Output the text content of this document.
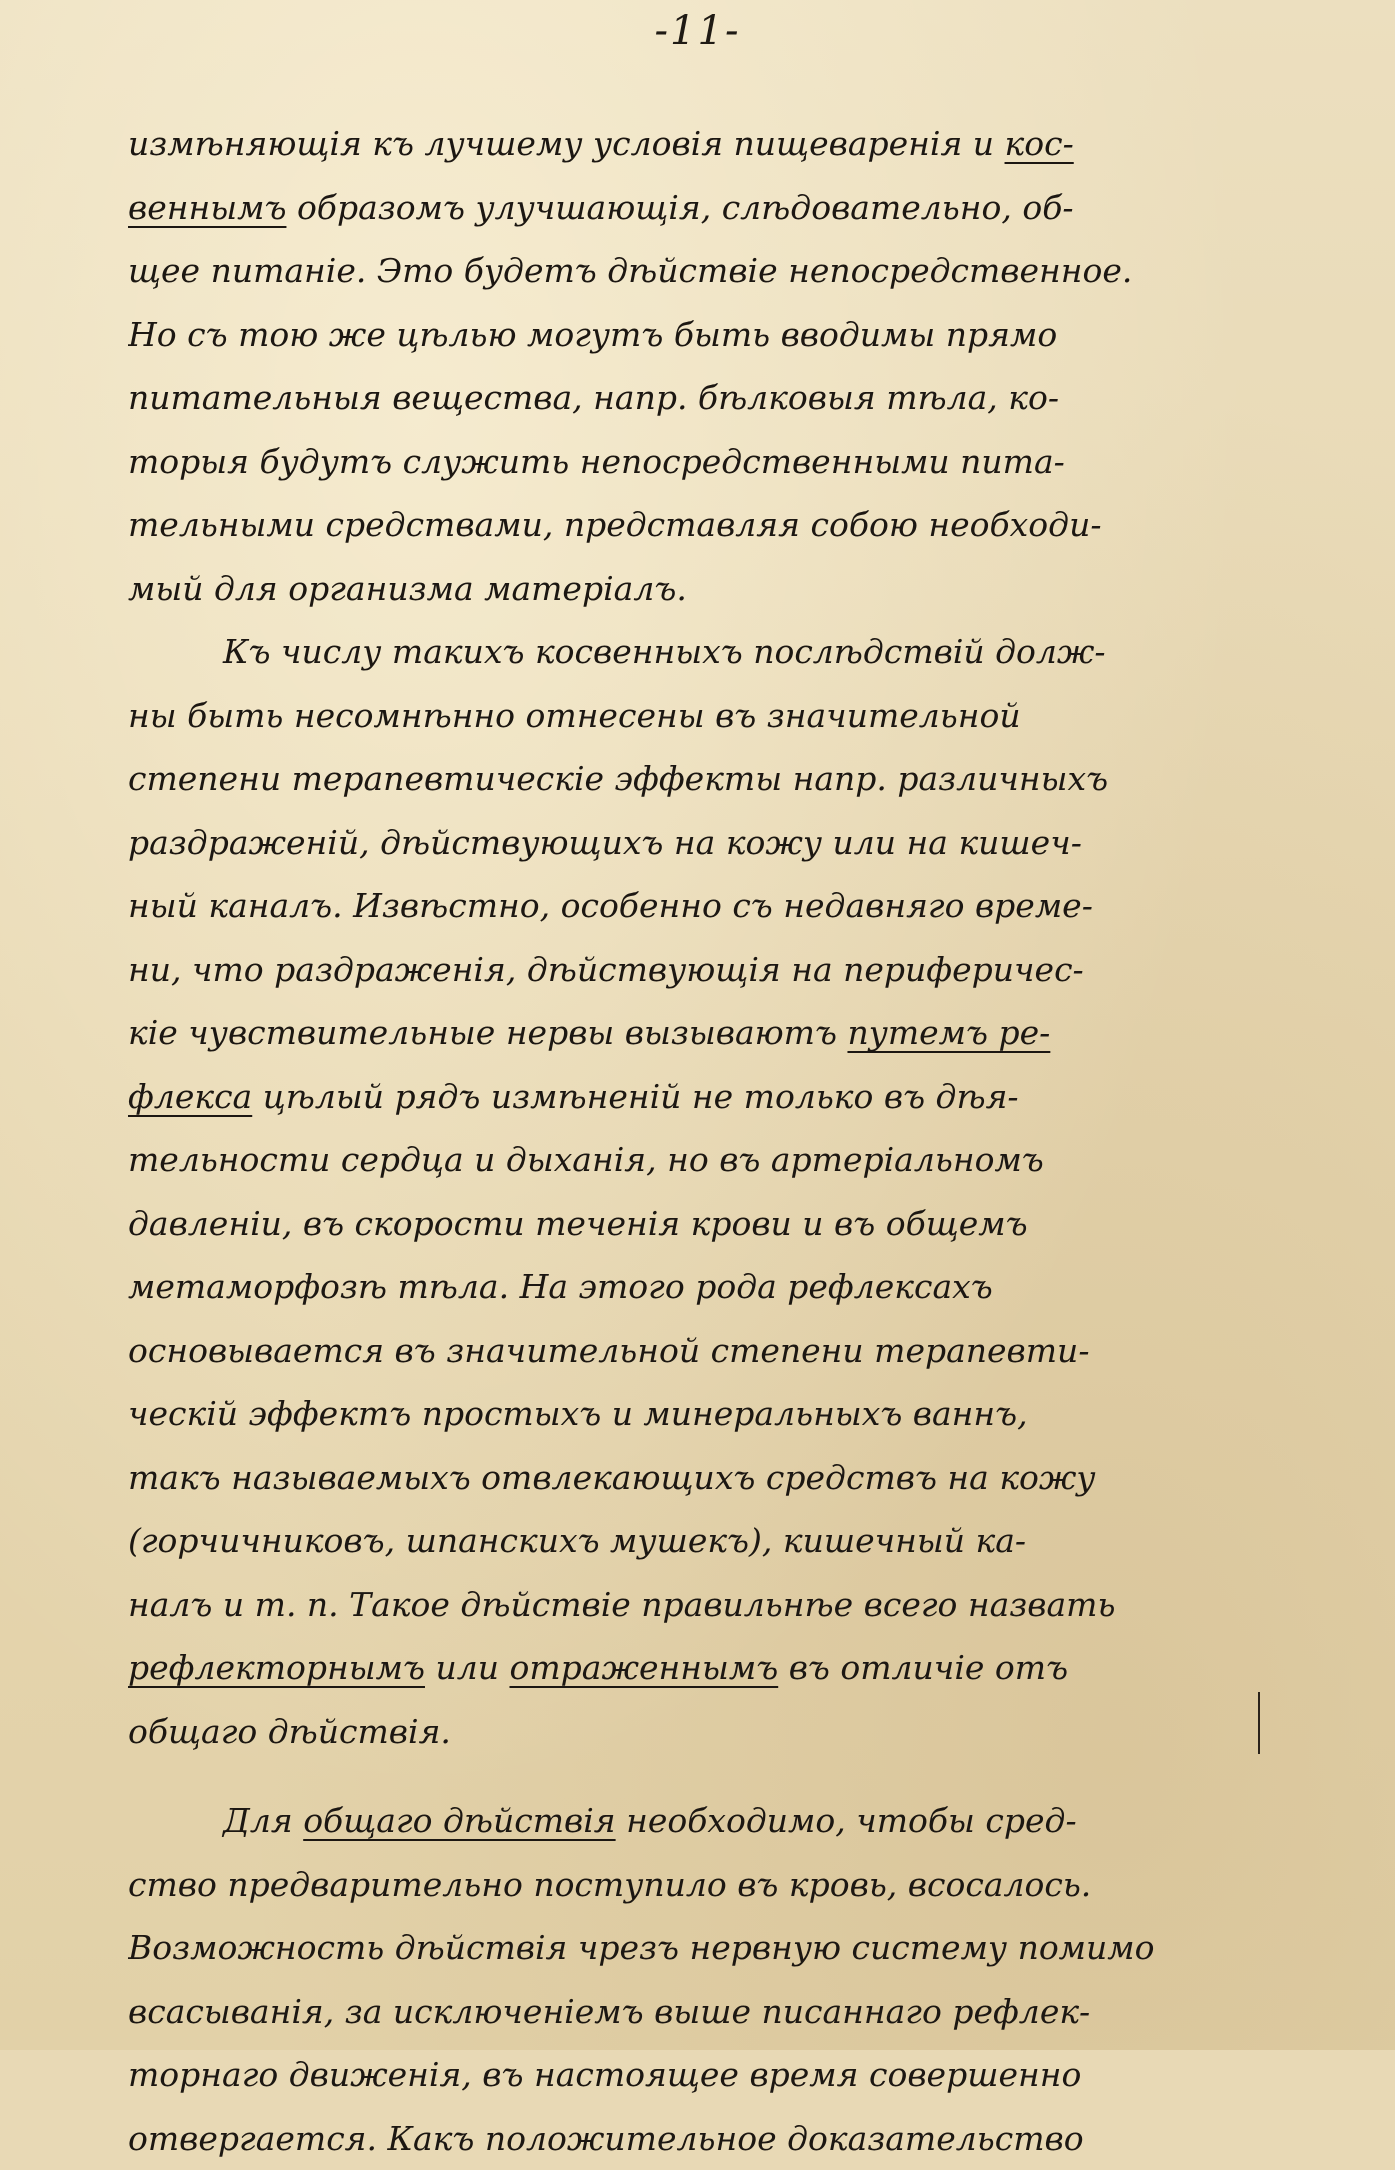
-11-
измѣняющія къ лучшему условія пищеваренія и кос-
веннымъ образомъ улучшающія, слѣдовательно, об-
щее питаніе. Это будетъ дѣйствіе непосредственное.
Но съ тою же цѣлью могутъ быть вводимы прямо
питательныя вещества, напр. бѣлковыя тѣла, ко-
торыя будутъ служить непосредственными пита-
тельными средствами, представляя собою необходи-
мый для организма матеріалъ.
Къ числу такихъ косвенныхъ послѣдствій долж-
ны быть несомнѣнно отнесены въ значительной
степени терапевтическіе эффекты напр. различныхъ
раздраженій, дѣйствующихъ на кожу или на кишеч-
ный каналъ. Извѣстно, особенно съ недавняго време-
ни, что раздраженія, дѣйствующія на периферичес-
кіе чувствительные нервы вызываютъ путемъ ре-
флекса цѣлый рядъ измѣненій не только въ дѣя-
тельности сердца и дыханія, но въ артеріальномъ
давленіи, въ скорости теченія крови и въ общемъ
метаморфозѣ тѣла. На этого рода рефлексахъ
основывается въ значительной степени терапевти-
ческій эффектъ простыхъ и минеральныхъ ваннъ,
такъ называемыхъ отвлекающихъ средствъ на кожу
(горчичниковъ, шпанскихъ мушекъ), кишечный ка-
налъ и т. п. Такое дѣйствіе правильнѣе всего назвать
рефлекторнымъ или отраженнымъ въ отличіе отъ
общаго дѣйствія.
Для общаго дѣйствія необходимо, чтобы сред-
ство предварительно поступило въ кровь, всосалось.
Возможность дѣйствія чрезъ нервную систему помимо
всасыванія, за исключеніемъ выше писаннаго рефлек-
торнаго движенія, въ настоящее время совершенно
отвергается. Какъ положительное доказательство
